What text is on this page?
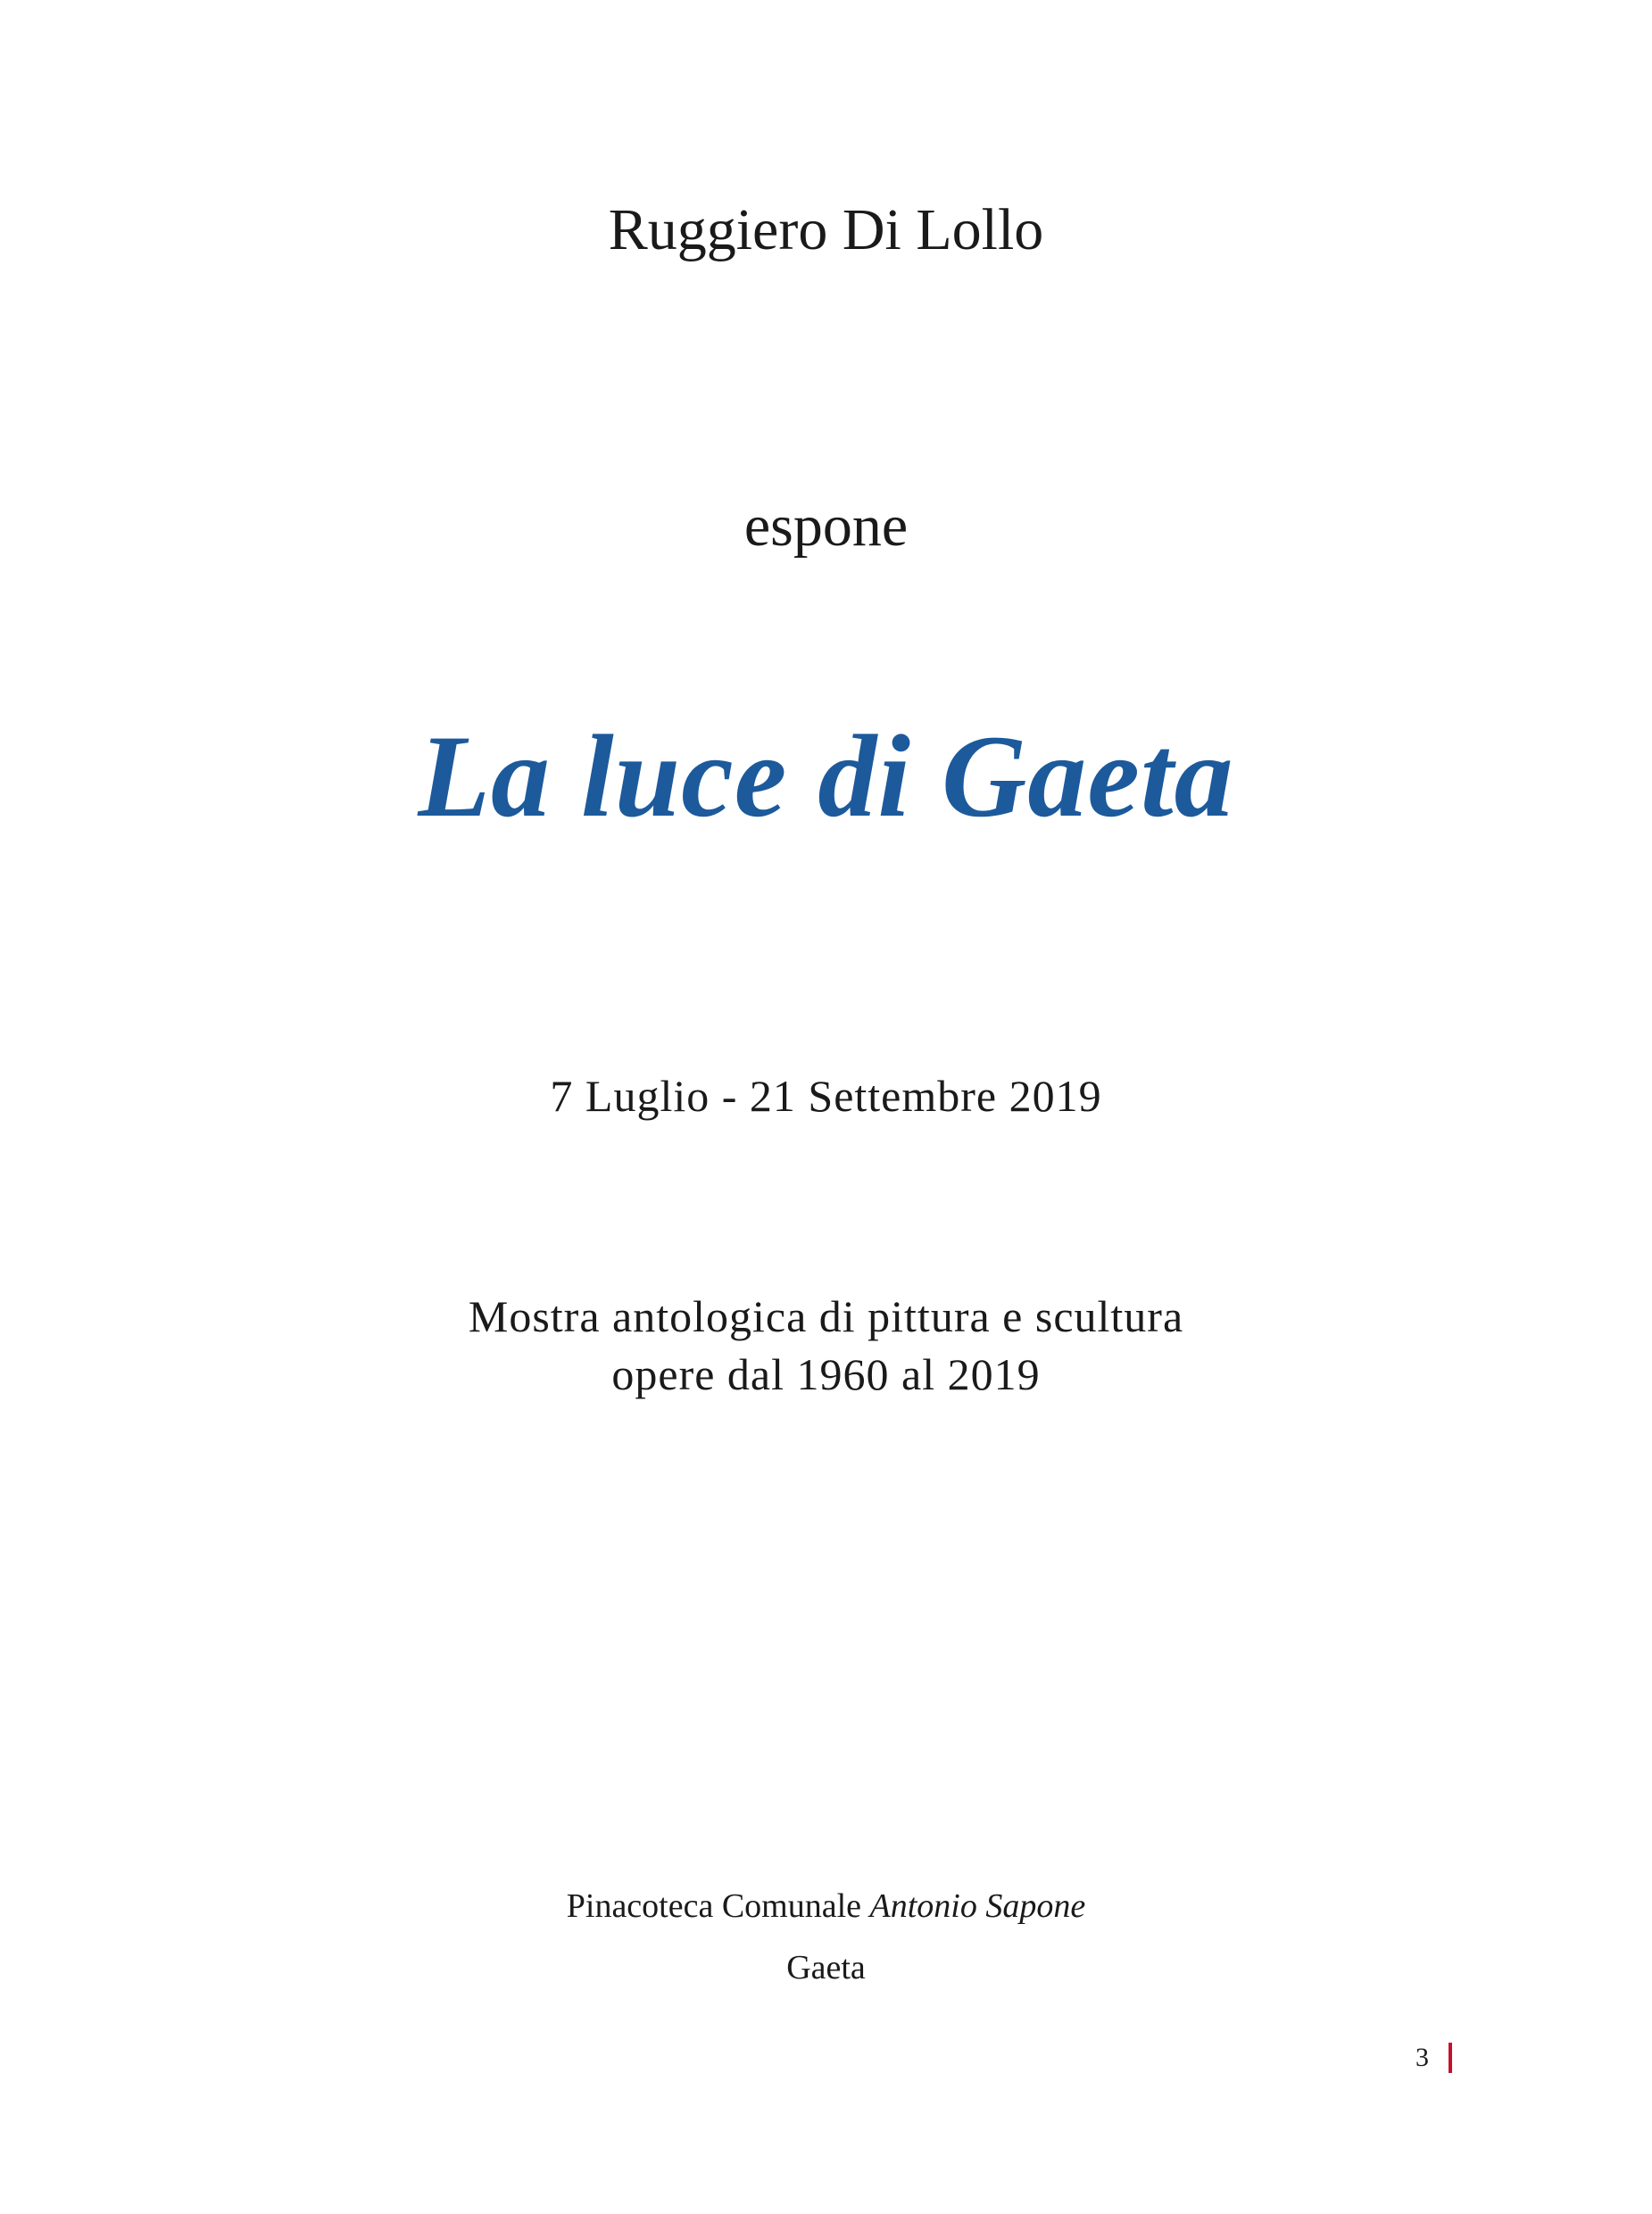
Ruggiero Di Lollo
espone
La luce di Gaeta
7 Luglio - 21 Settembre 2019
Mostra antologica di pittura e scultura
opere dal 1960 al 2019
Pinacoteca Comunale Antonio Sapone
Gaeta
3
